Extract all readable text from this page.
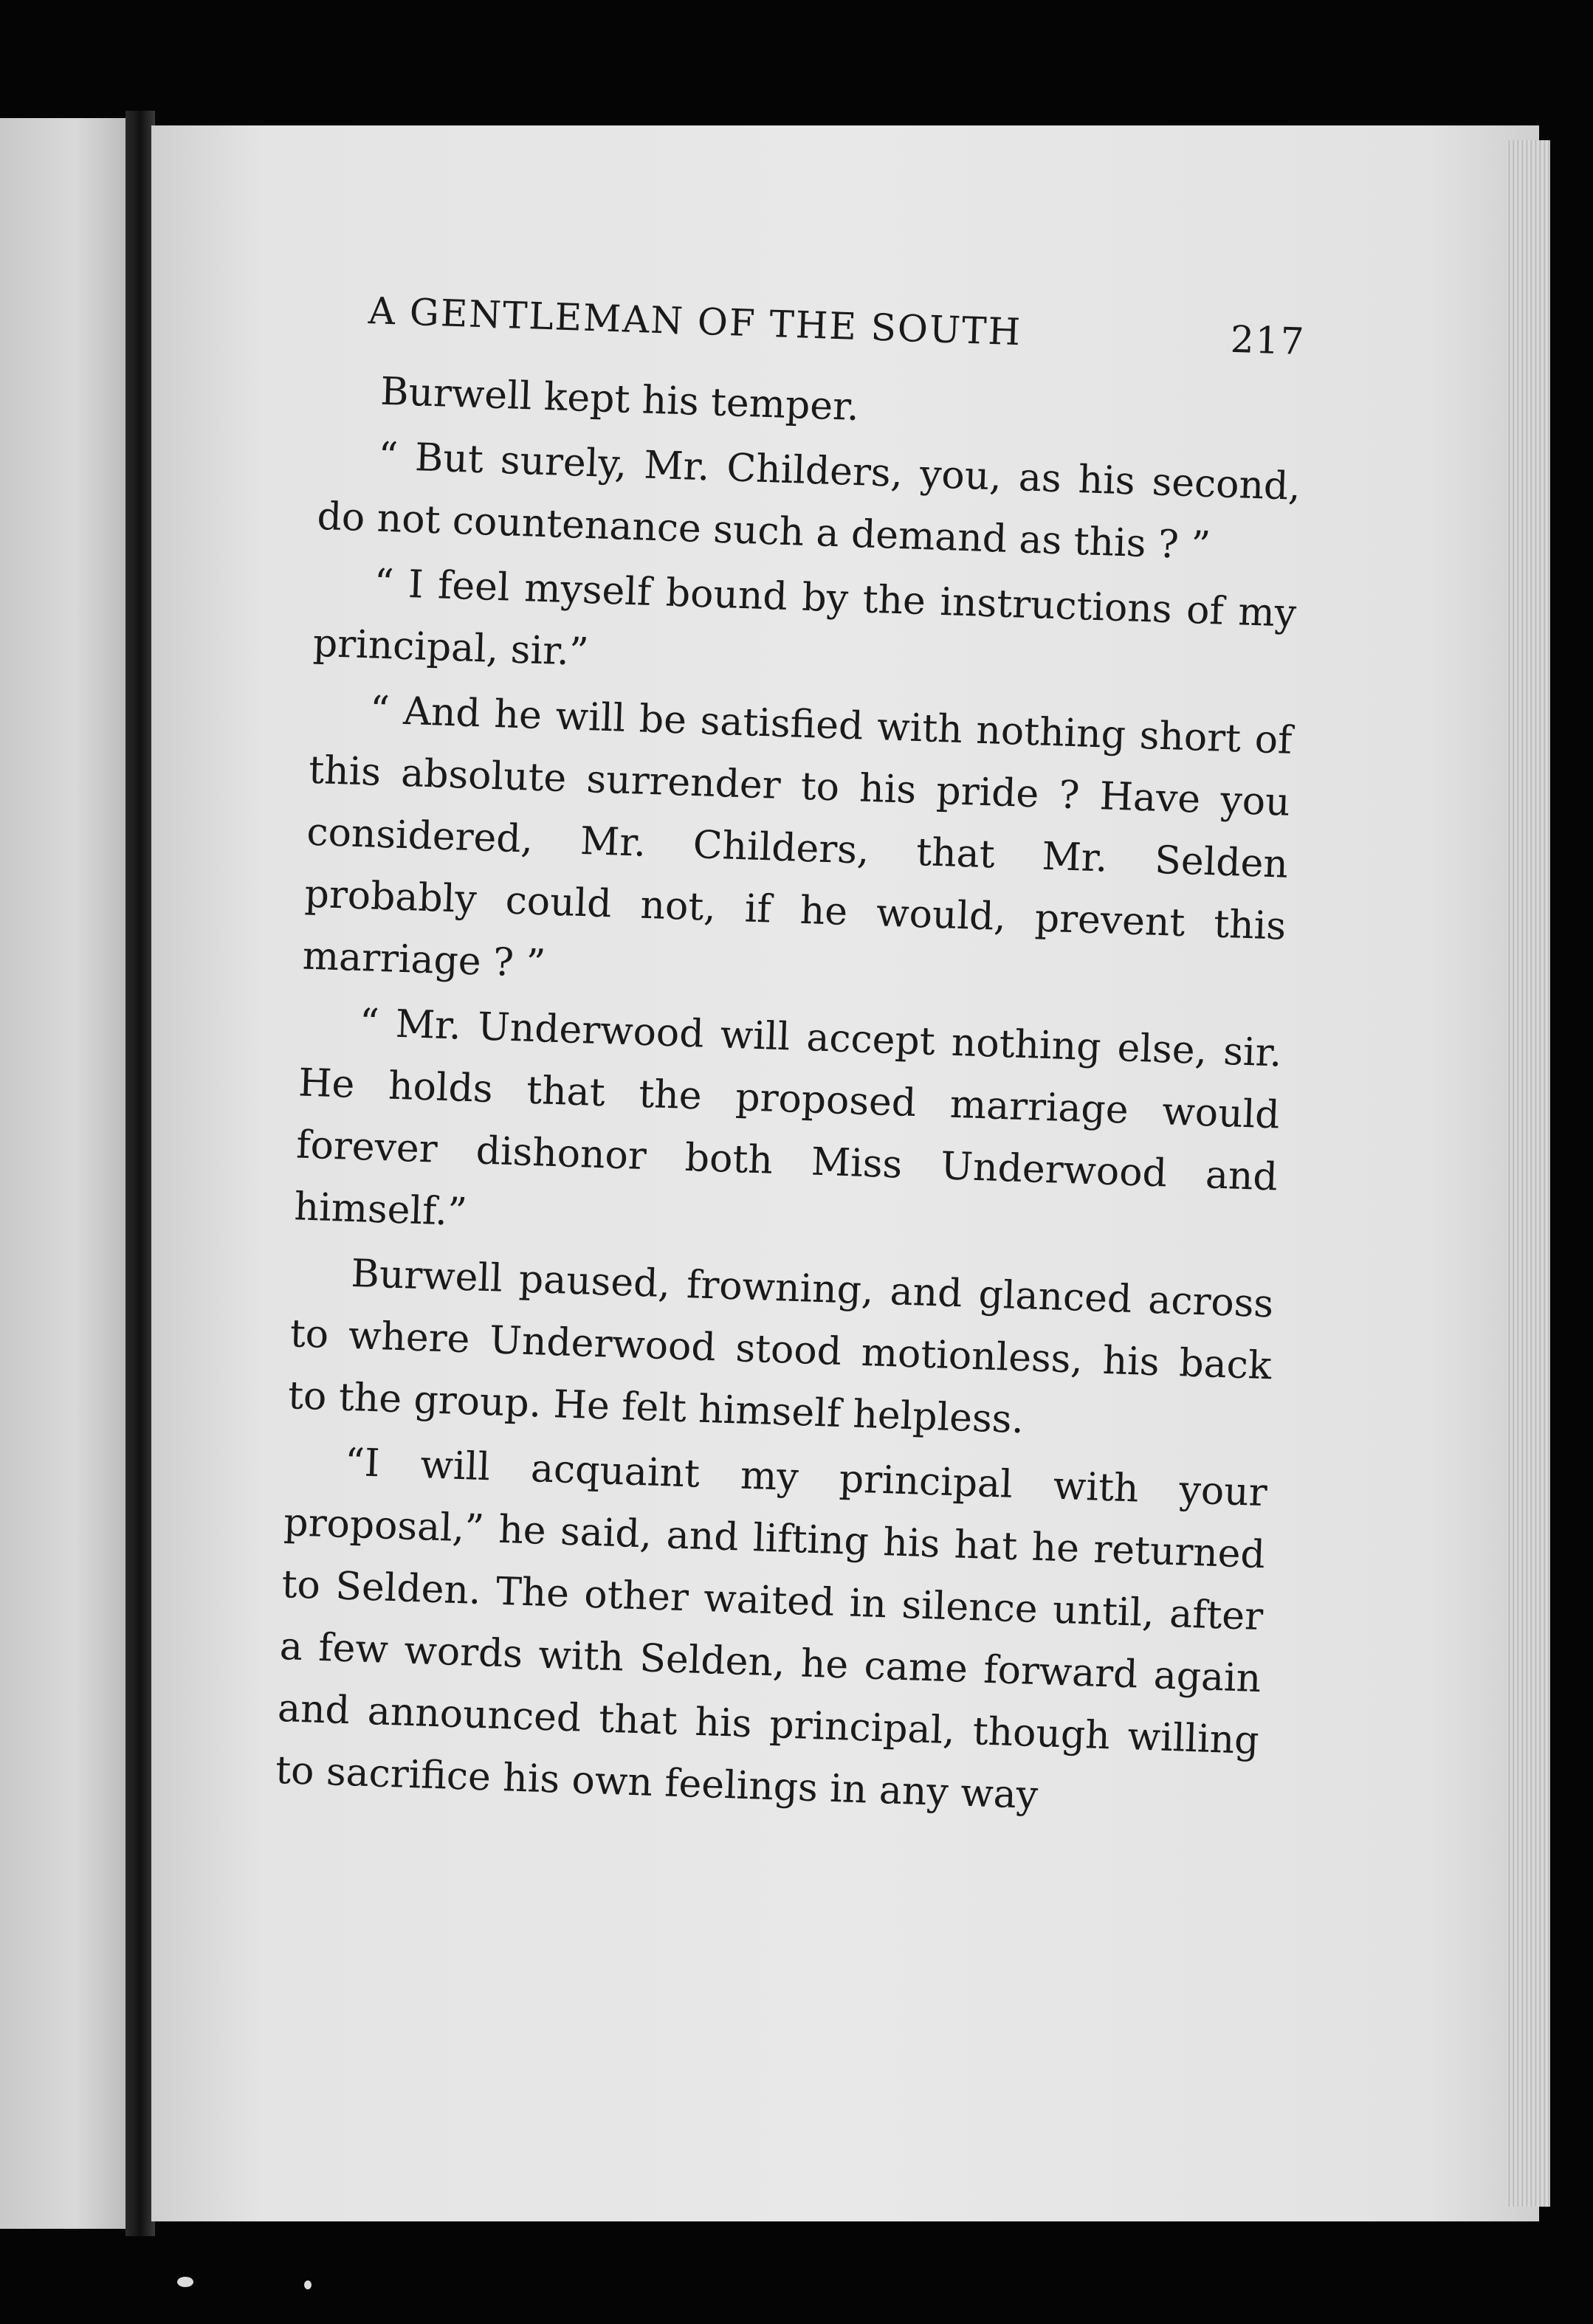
A GENTLEMAN OF THE SOUTH	217

Burwell kept his temper.

“ But surely, Mr. Childers, you, as his second, do not countenance such a demand as this ? ”

“ I feel myself bound by the instructions of my principal, sir.”

“ And he will be satisfied with nothing short of this absolute surrender to his pride ? Have you considered, Mr. Childers, that Mr. Selden probably could not, if he would, prevent this marriage ? ”

“ Mr. Underwood will accept nothing else, sir. He holds that the proposed marriage would forever dishonor both Miss Underwood and himself.”

Burwell paused, frowning, and glanced across to where Underwood stood motionless, his back to the group. He felt himself helpless.

“I will acquaint my principal with your proposal,” he said, and lifting his hat he returned to Selden. The other waited in silence until, after a few words with Selden, he came forward again and announced that his principal, though willing to sacrifice his own feelings in any way
